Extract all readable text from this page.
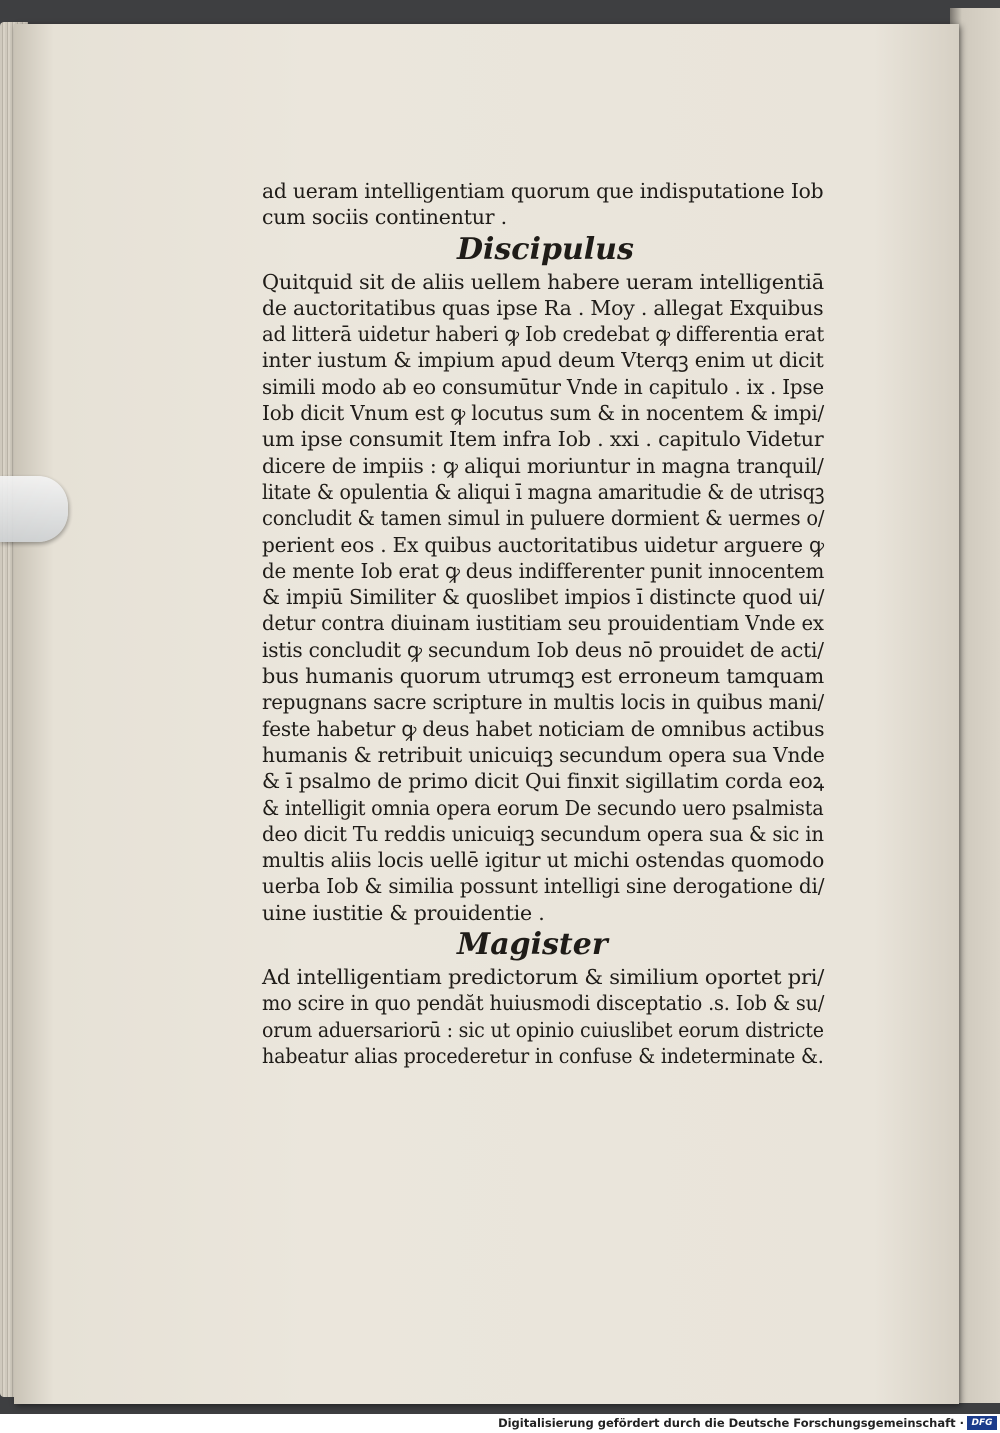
ad ueram intelligentiam quorum que indisputatione Iob
cum sociis continentur .
Discipulus
Quitquid sit de aliis uellem habere ueram intelligentiā
de auctoritatibus quas ipse Ra . Moy . allegat Exquibus
ad litterā uidetur haberi ꝙ Iob credebat ꝙ differentia erat
inter iustum & impium apud deum Vterqꝫ enim ut dicit
simili modo ab eo consumūtur Vnde in capitulo . ix . Ipse
Iob dicit Vnum est ꝙ locutus sum & in nocentem & impi/
um ipse consumit Item infra Iob . xxi . capitulo Videtur
dicere de impiis : ꝙ aliqui moriuntur in magna tranquil/
litate & opulentia & aliqui ī magna amaritudie & de utrisqꝫ
concludit & tamen simul in puluere dormient & uermes o/
perient eos . Ex quibus auctoritatibus uidetur arguere ꝙ
de mente Iob erat ꝙ deus indifferenter punit innocentem
& impiū Similiter & quoslibet impios ī distincte quod ui/
detur contra diuinam iustitiam seu prouidentiam Vnde ex
istis concludit ꝙ secundum Iob deus nō prouidet de acti/
bus humanis quorum utrumqꝫ est erroneum tamquam
repugnans sacre scripture in multis locis in quibus mani/
feste habetur ꝙ deus habet noticiam de omnibus actibus
humanis & retribuit unicuiqꝫ secundum opera sua Vnde
& ī psalmo de primo dicit Qui finxit sigillatim corda eoꝝ
& intelligit omnia opera eorum De secundo uero psalmista
deo dicit Tu reddis unicuiqꝫ secundum opera sua & sic in
multis aliis locis uellē igitur ut michi ostendas quomodo
uerba Iob & similia possunt intelligi sine derogatione di/
uine iustitie & prouidentie .
Magister
Ad intelligentiam predictorum & similium oportet pri/
mo scire in quo pendăt huiusmodi disceptatio .s. Iob & su/
orum aduersariorū : sic ut opinio cuiuslibet eorum districte
habeatur alias procederetur in confuse & indeterminate &.
Digitalisierung gefördert durch die Deutsche Forschungsgemeinschaft · DFG
